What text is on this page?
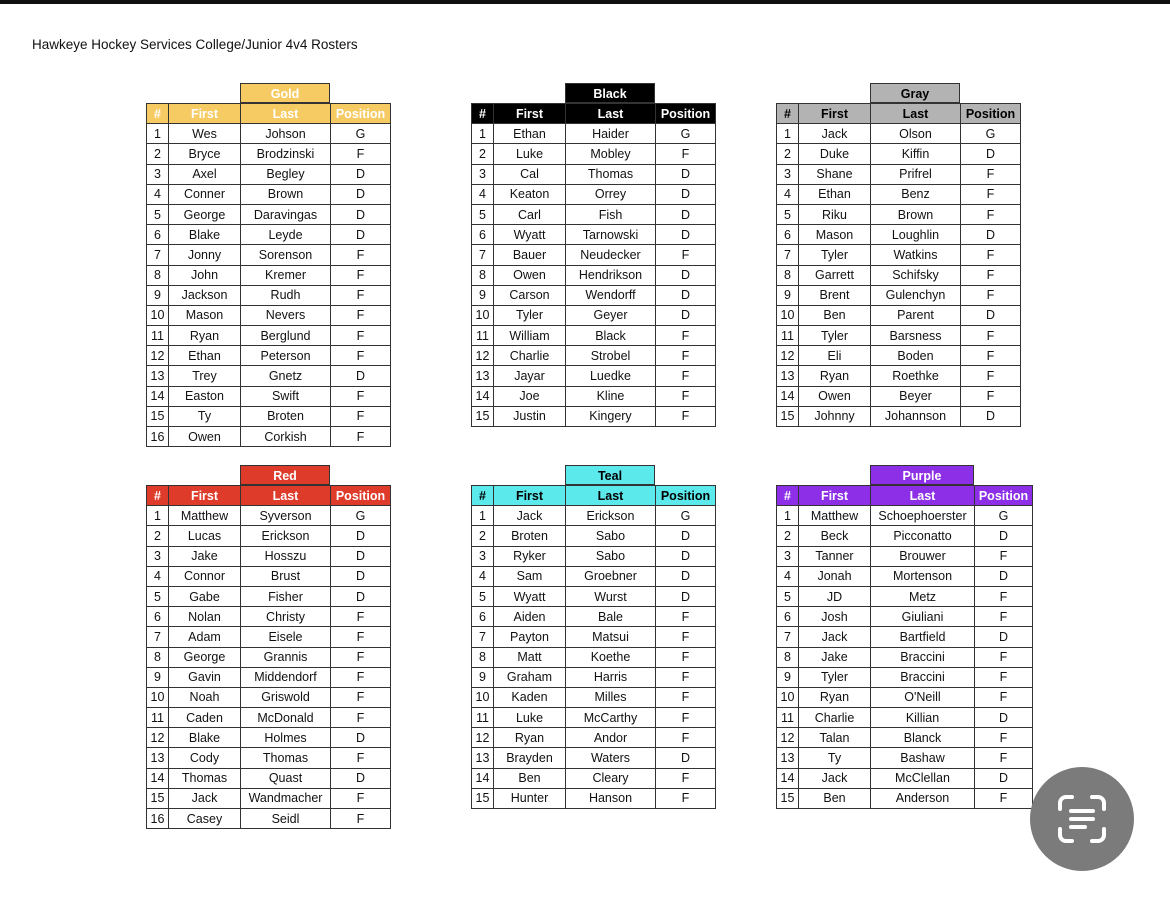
Hawkeye Hockey Services College/Junior 4v4 Rosters
Gold
#	First	Last	Position
1	Wes	Johson	G
2	Bryce	Brodzinski	F
3	Axel	Begley	D
4	Conner	Brown	D
5	George	Daravingas	D
6	Blake	Leyde	D
7	Jonny	Sorenson	F
8	John	Kremer	F
9	Jackson	Rudh	F
10	Mason	Nevers	F
11	Ryan	Berglund	F
12	Ethan	Peterson	F
13	Trey	Gnetz	D
14	Easton	Swift	F
15	Ty	Broten	F
16	Owen	Corkish	F
Black
#	First	Last	Position
1	Ethan	Haider	G
2	Luke	Mobley	F
3	Cal	Thomas	D
4	Keaton	Orrey	D
5	Carl	Fish	D
6	Wyatt	Tarnowski	D
7	Bauer	Neudecker	F
8	Owen	Hendrikson	D
9	Carson	Wendorff	D
10	Tyler	Geyer	D
11	William	Black	F
12	Charlie	Strobel	F
13	Jayar	Luedke	F
14	Joe	Kline	F
15	Justin	Kingery	F
Gray
#	First	Last	Position
1	Jack	Olson	G
2	Duke	Kiffin	D
3	Shane	Prifrel	F
4	Ethan	Benz	F
5	Riku	Brown	F
6	Mason	Loughlin	D
7	Tyler	Watkins	F
8	Garrett	Schifsky	F
9	Brent	Gulenchyn	F
10	Ben	Parent	D
11	Tyler	Barsness	F
12	Eli	Boden	F
13	Ryan	Roethke	F
14	Owen	Beyer	F
15	Johnny	Johannson	D
Red
#	First	Last	Position
1	Matthew	Syverson	G
2	Lucas	Erickson	D
3	Jake	Hosszu	D
4	Connor	Brust	D
5	Gabe	Fisher	D
6	Nolan	Christy	F
7	Adam	Eisele	F
8	George	Grannis	F
9	Gavin	Middendorf	F
10	Noah	Griswold	F
11	Caden	McDonald	F
12	Blake	Holmes	D
13	Cody	Thomas	F
14	Thomas	Quast	D
15	Jack	Wandmacher	F
16	Casey	Seidl	F
Teal
#	First	Last	Position
1	Jack	Erickson	G
2	Broten	Sabo	D
3	Ryker	Sabo	D
4	Sam	Groebner	D
5	Wyatt	Wurst	D
6	Aiden	Bale	F
7	Payton	Matsui	F
8	Matt	Koethe	F
9	Graham	Harris	F
10	Kaden	Milles	F
11	Luke	McCarthy	F
12	Ryan	Andor	F
13	Brayden	Waters	D
14	Ben	Cleary	F
15	Hunter	Hanson	F
Purple
#	First	Last	Position
1	Matthew	Schoephoerster	G
2	Beck	Picconatto	D
3	Tanner	Brouwer	F
4	Jonah	Mortenson	D
5	JD	Metz	F
6	Josh	Giuliani	F
7	Jack	Bartfield	D
8	Jake	Braccini	F
9	Tyler	Braccini	F
10	Ryan	O'Neill	F
11	Charlie	Killian	D
12	Talan	Blanck	F
13	Ty	Bashaw	F
14	Jack	McClellan	D
15	Ben	Anderson	F
